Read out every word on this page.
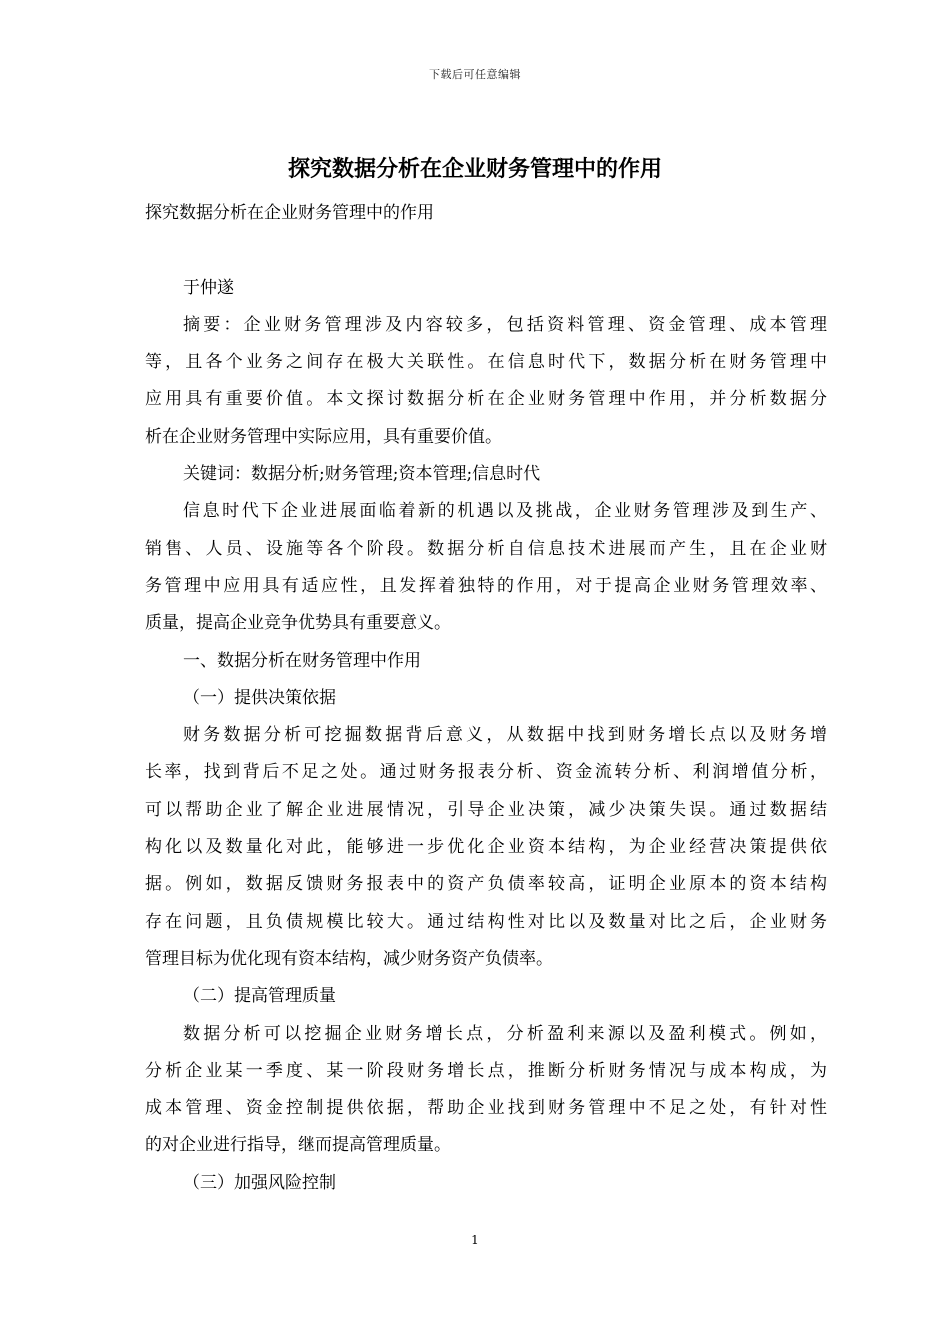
下载后可任意编辑
探究数据分析在企业财务管理中的作用
探究数据分析在企业财务管理中的作用
于仲遂
摘要：企业财务管理涉及内容较多，包括资料管理、资金管理、成本管理
等，且各个业务之间存在极大关联性。在信息时代下，数据分析在财务管理中
应用具有重要价值。本文探讨数据分析在企业财务管理中作用，并分析数据分
析在企业财务管理中实际应用，具有重要价值。
关键词：数据分析;财务管理;资本管理;信息时代
信息时代下企业进展面临着新的机遇以及挑战，企业财务管理涉及到生产、
销售、人员、设施等各个阶段。数据分析自信息技术进展而产生，且在企业财
务管理中应用具有适应性，且发挥着独特的作用，对于提高企业财务管理效率、
质量，提高企业竞争优势具有重要意义。
一、数据分析在财务管理中作用
（一）提供决策依据
财务数据分析可挖掘数据背后意义，从数据中找到财务增长点以及财务增
长率，找到背后不足之处。通过财务报表分析、资金流转分析、利润增值分析，
可以帮助企业了解企业进展情况，引导企业决策，减少决策失误。通过数据结
构化以及数量化对此，能够进一步优化企业资本结构，为企业经营决策提供依
据。例如，数据反馈财务报表中的资产负债率较高，证明企业原本的资本结构
存在问题，且负债规模比较大。通过结构性对比以及数量对比之后，企业财务
管理目标为优化现有资本结构，减少财务资产负债率。
（二）提高管理质量
数据分析可以挖掘企业财务增长点，分析盈利来源以及盈利模式。例如，
分析企业某一季度、某一阶段财务增长点，推断分析财务情况与成本构成，为
成本管理、资金控制提供依据，帮助企业找到财务管理中不足之处，有针对性
的对企业进行指导，继而提高管理质量。
（三）加强风险控制
1
